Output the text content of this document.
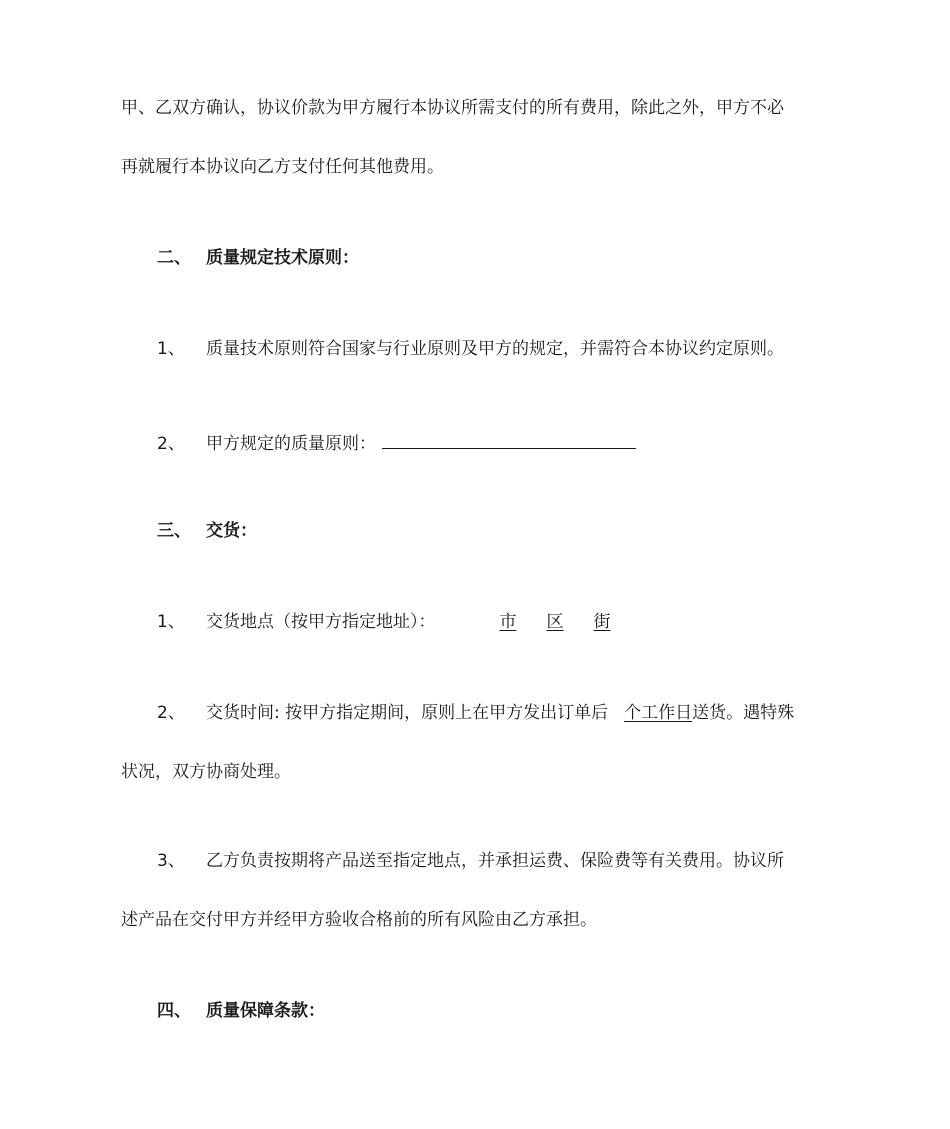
甲、乙双方确认，协议价款为甲方履行本协议所需支付的所有费用，除此之外，甲方不必
再就履行本协议向乙方支付任何其他费用。
二、 质量规定技术原则：
1、 质量技术原则符合国家与行业原则及甲方的规定，并需符合本协议约定原则。
2、 甲方规定的质量原则：
三、 交货：
1、 交货地点（按甲方指定地址）：	市 区 街
2、 交货时间: 按甲方指定期间，原则上在甲方发出订单后 个工作日送货。遇特殊
状况，双方协商处理。
3、 乙方负责按期将产品送至指定地点，并承担运费、保险费等有关费用。协议所
述产品在交付甲方并经甲方验收合格前的所有风险由乙方承担。
四、 质量保障条款：
